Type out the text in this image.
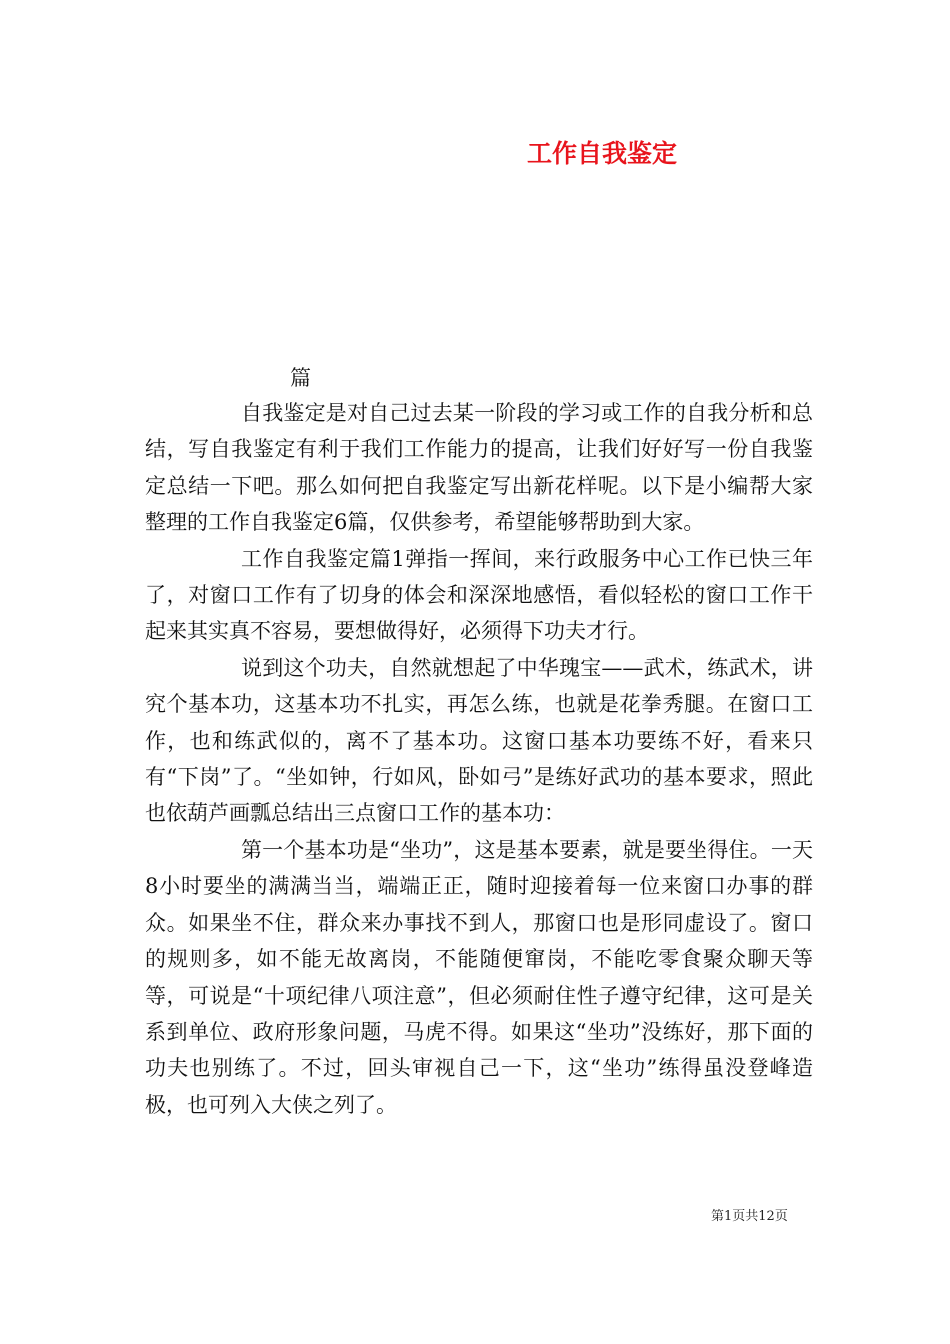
工作自我鉴定
篇

自我鉴定是对自己过去某一阶段的学习或工作的自我分析和总结，写自我鉴定有利于我们工作能力的提高，让我们好好写一份自我鉴定总结一下吧。那么如何把自我鉴定写出新花样呢。以下是小编帮大家整理的工作自我鉴定6篇，仅供参考，希望能够帮助到大家。

工作自我鉴定篇1弹指一挥间，来行政服务中心工作已快三年了，对窗口工作有了切身的体会和深深地感悟，看似轻松的窗口工作干起来其实真不容易，要想做得好，必须得下功夫才行。

说到这个功夫，自然就想起了中华瑰宝——武术，练武术，讲究个基本功，这基本功不扎实，再怎么练，也就是花拳秀腿。在窗口工作，也和练武似的，离不了基本功。这窗口基本功要练不好，看来只有“下岗”了。“坐如钟，行如风，卧如弓”是练好武功的基本要求，照此也依葫芦画瓢总结出三点窗口工作的基本功：

第一个基本功是“坐功”，这是基本要素，就是要坐得住。一天8小时要坐的满满当当，端端正正，随时迎接着每一位来窗口办事的群众。如果坐不住，群众来办事找不到人，那窗口也是形同虚设了。窗口的规则多，如不能无故离岗，不能随便窜岗，不能吃零食聚众聊天等等，可说是“十项纪律八项注意”，但必须耐住性子遵守纪律，这可是关系到单位、政府形象问题，马虎不得。如果这“坐功”没练好，那下面的功夫也别练了。不过，回头审视自己一下，这“坐功”练得虽没登峰造极，也可列入大侠之列了。

第1页共12页
